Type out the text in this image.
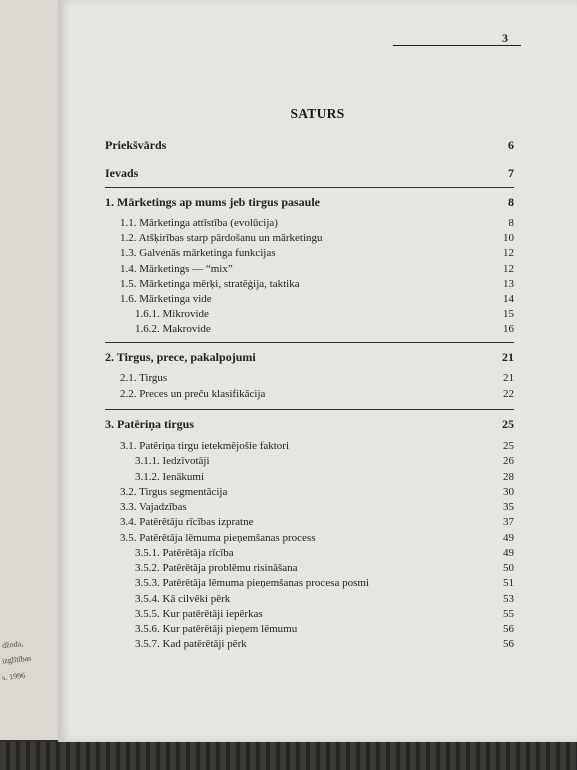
džoda,
izglītības
s. 1996
3
SATURS
Priekšvārds	6
Ievads	7
1. Mārketings ap mums jeb tirgus pasaule	8
1.1. Mārketinga attīstība (evolūcija)	8
1.2. Atšķirības starp pārdošanu un mārketingu	10
1.3. Galvenās mārketinga funkcijas	12
1.4. Mārketings — “mix”	12
1.5. Mārketinga mērķi, stratēģija, taktika	13
1.6. Mārketinga vide	14
1.6.1. Mikrovide	15
1.6.2. Makrovide	16
2. Tirgus, prece, pakalpojumi	21
2.1. Tirgus	21
2.2. Preces un preču klasifikācija	22
3. Patēriņa tirgus	25
3.1. Patēriņa tirgu ietekmējošie faktori	25
3.1.1. Iedzīvotāji	26
3.1.2. Ienākumi	28
3.2. Tirgus segmentācija	30
3.3. Vajadzības	35
3.4. Patērētāju rīcības izpratne	37
3.5. Patērētāja lēmuma pieņemšanas process	49
3.5.1. Patērētāja rīcība	49
3.5.2. Patērētāja problēmu risināšana	50
3.5.3. Patērētāja lēmuma pieņemšanas procesa posmi	51
3.5.4. Kā cilvēki pērk	53
3.5.5. Kur patērētāji iepērkas	55
3.5.6. Kur patērētāji pieņem lēmumu	56
3.5.7. Kad patērētāji pērk	56
